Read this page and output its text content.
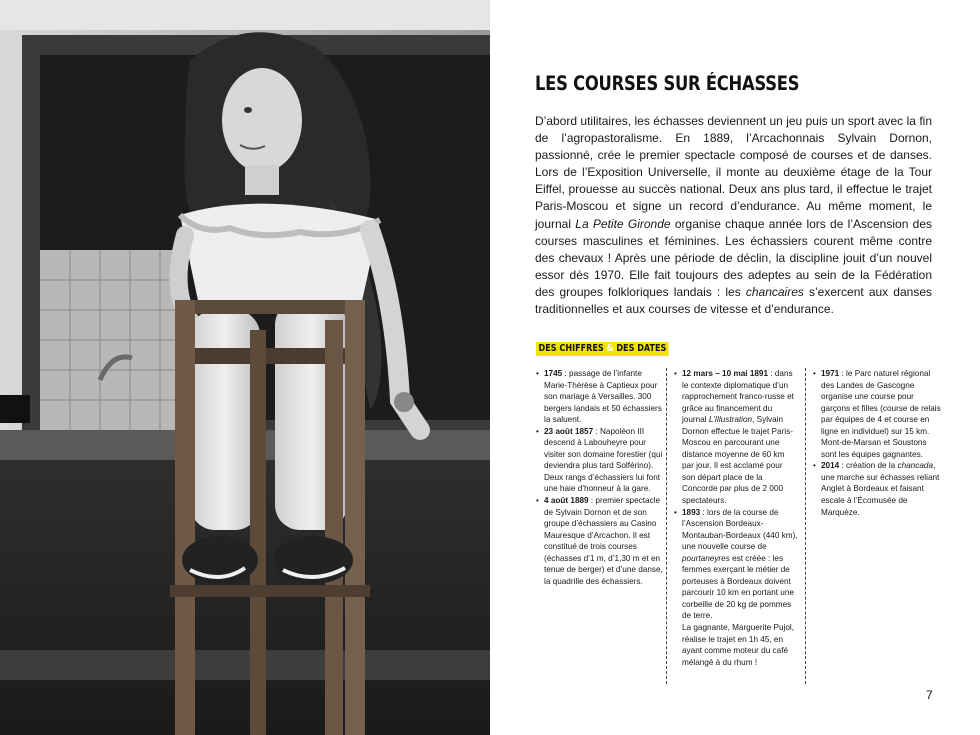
LES COURSES SUR ÉCHASSES

D’abord utilitaires, les échasses deviennent un jeu puis un sport avec la fin de l’agropastoralisme. En 1889, l’Arcachonnais Sylvain Dornon, passionné, crée le premier spectacle composé de courses et de danses. Lors de l’Exposition Universelle, il monte au deuxième étage de la Tour Eiffel, prouesse au succès national. Deux ans plus tard, il effectue le trajet Paris-Moscou et signe un record d’endurance. Au même moment, le journal La Petite Gironde organise chaque année lors de l’Ascension des courses masculines et féminines. Les échassiers courent même contre des chevaux ! Après une période de déclin, la discipline jouit d’un nouvel essor dès 1970. Elle fait toujours des adeptes au sein de la Fédération des groupes folkloriques landais : les chancaires s’exercent aux danses traditionnelles et aux courses de vitesse et d’endurance.

DES CHIFFRES & DES DATES
• 1745 : passage de l’infante Marie-Thérèse à Captieux pour son mariage à Versailles. 300 bergers landais et 50 échassiers la saluent.
• 23 août 1857 : Napoléon III descend à Labouheyre pour visiter son domaine forestier (qui deviendra plus tard Solférino). Deux rangs d’échassiers lui font une haie d’honneur à la gare.
• 4 août 1889 : premier spectacle de Sylvain Dornon et de son groupe d’échassiers au Casino Mauresque d’Arcachon. Il est constitué de trois courses (échasses d’1 m, d’1,30 m et en tenue de berger) et d’une danse, la quadrille des échassiers.
• 12 mars – 10 mai 1891 : dans le contexte diplomatique d’un rapprochement franco-russe et grâce au financement du journal L’Illustration, Sylvain Dornon effectue le trajet Paris-Moscou en parcourant une distance moyenne de 60 km par jour. Il est acclamé pour son départ place de la Concorde par plus de 2 000 spectateurs.
• 1893 : lors de la course de l’Ascension Bordeaux-Montauban-Bordeaux (440 km), une nouvelle course de pourtaneyres est créée : les femmes exerçant le métier de porteuses à Bordeaux doivent parcourir 10 km en portant une corbeille de 20 kg de pommes de terre.
La gagnante, Marguerite Pujol, réalise le trajet en 1h 45, en ayant comme moteur du café mélangé à du rhum !
• 1971 : le Parc naturel régional des Landes de Gascogne organise une course pour garçons et filles (course de relais par équipes de 4 et course en ligne en individuel) sur 15 km. Mont-de-Marsan et Soustons sont les équipes gagnantes.
• 2014 : création de la chancada, une marche sur échasses reliant Anglet à Bordeaux et faisant escale à l’Écomusée de Marquèze.
7
